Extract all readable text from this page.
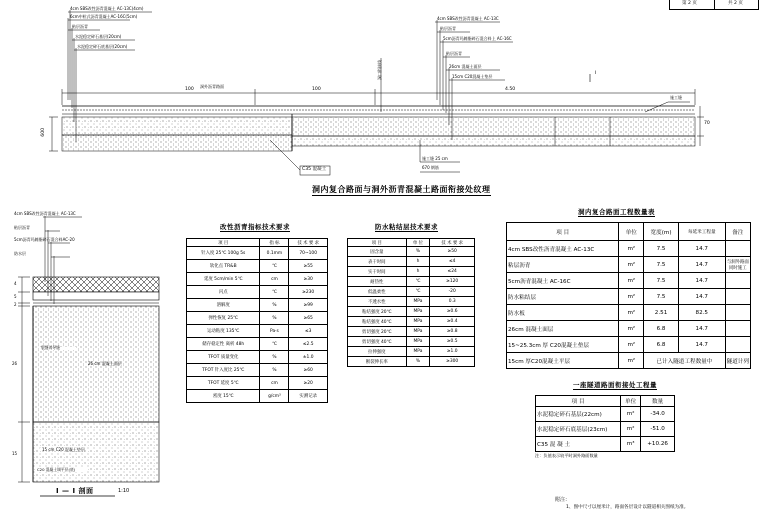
第 2 页	共 2 页
4cm SBS改性沥青混凝土 AC-13C(4cm)
6cm中粒式沥青混凝土AC-16C(5cm)
粘层沥青
水泥稳定碎石基层(20cm)
水泥稳定碎石底基层(20cm)
4cm SBS改性沥青混凝土 AC-13C
粘层沥青
5cm沥青玛蹄脂碎石混合料上 AC-16C
粘层沥青
26cm 混凝土面层
15cm C20混凝土垫层
洞外沥青路面
100	100	4.50
600
70
洞口衔接线
C35 混凝土
施工缝 25 cm
670 钢筋
施工缝
I
洞内复合路面与洞外沥青混凝土路面衔接处纹理
4cm SBS改性沥青混凝土 AC-13C
粘层沥青
5cm沥青玛蹄脂碎石混合料AC-20
防水层
裂缝诱导缝
26 cm 混凝土面层
15 cm C20 混凝土垫层
C20 混凝土调平层(底)
4
5
2
26
15
I — I 剖面	1:10
改性沥青指标技术要求
项 目	指 标	技 术 要 求
针入度 25℃ 100g 5s	0.1mm	70~100
软化点 TR&B	℃	≥55
延度 5cm/min 5℃	cm	≥30
闪点	℃	≥230
溶解度	%	≥99
弹性恢复 25℃	%	≥65
运动粘度 135℃	Pa·s	≤3
储存稳定性 离析 48h	℃	≤2.5
TFOT 质量变化	%	±1.0
TFOT 针入度比 25℃	%	≥60
TFOT 延度 5℃	cm	≥20
密度 15℃	g/cm³	实测记录
防水粘结层技术要求
项 目	单 位	技 术 要 求
固含量	%	≥50
表干时间	h	≤4
实干时间	h	≤24
耐热性	℃	≥120
低温柔性	℃	-20
不透水性	MPa	0.3
粘结强度 20℃	MPa	≥0.6
粘结强度 40℃	MPa	≥0.4
剪切强度 20℃	MPa	≥0.8
剪切强度 40℃	MPa	≥0.5
拉伸强度	MPa	≥1.0
断裂伸长率	%	≥300
洞内复合路面工程数量表
项 目	单位	宽度(m)	每延米工程量	备注
4cm SBS改性沥青混凝土 AC-13C	m²	7.5	14.7	
粘层沥青	m²	7.5	14.7	与洞外路面同时施工
5cm沥青混凝土 AC-16C	m²	7.5	14.7	
防水粘结层	m²	7.5	14.7	
防水板	m²	2.51	82.5	
26cm 混凝土面层	m²	6.8	14.7	
15~25.3cm 厚 C20混凝土垫层	m²	6.8	14.7	
15cm 厚C20混凝土平层	m²	已计入隧道工程数量中		隧道计列
一座隧道路面衔接处工程量
项 目	单位	数量
水泥稳定碎石基层(22cm)	m²	-34.0
水泥稳定碎石底基层(23cm)	m²	-51.0
C35 混 凝 土	m³	+10.26
注：负值表示较平时洞外路面数量
附注：
1、图中尺寸以厘米计，路面各层设计以隧道相关图纸为准。
